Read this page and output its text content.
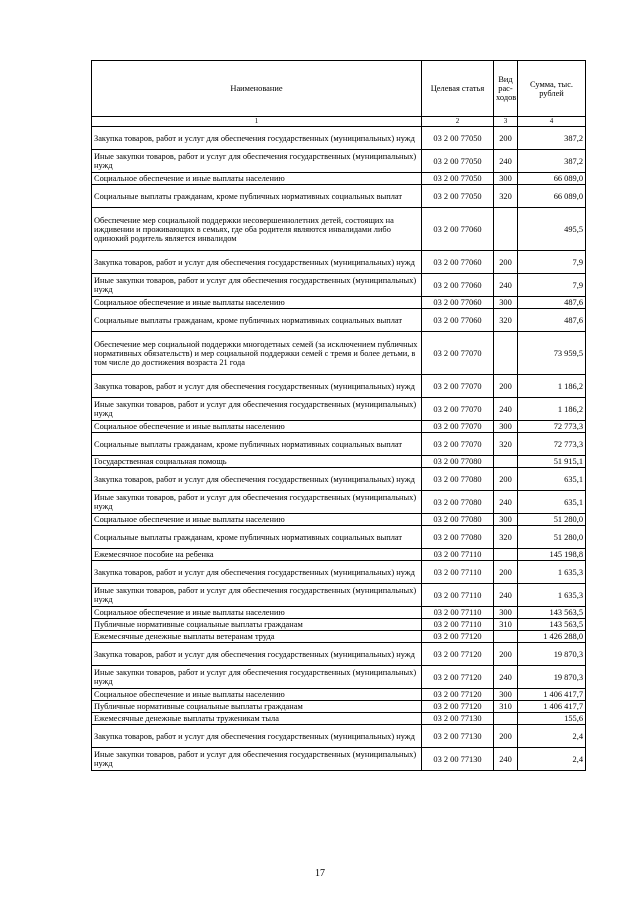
Наименование	Целевая статья	Вид рас-ходов	Сумма, тыс. рублей
1	2	3	4
Закупка товаров, работ и услуг для обеспечения государственных (муниципальных) нужд	03 2 00 77050	200	387,2
Иные закупки товаров, работ и услуг для обеспечения государственных (муниципальных) нужд	03 2 00 77050	240	387,2
Социальное обеспечение и иные выплаты населению	03 2 00 77050	300	66 089,0
Социальные выплаты гражданам, кроме публичных нормативных социальных выплат	03 2 00 77050	320	66 089,0
Обеспечение мер социальной поддержки несовершеннолетних детей, состоящих на иждивении и проживающих в семьях, где оба родителя являются инвалидами либо одинокий родитель является инвалидом	03 2 00 77060		495,5
Закупка товаров, работ и услуг для обеспечения государственных (муниципальных) нужд	03 2 00 77060	200	7,9
Иные закупки товаров, работ и услуг для обеспечения государственных (муниципальных) нужд	03 2 00 77060	240	7,9
Социальное обеспечение и иные выплаты населению	03 2 00 77060	300	487,6
Социальные выплаты гражданам, кроме публичных нормативных социальных выплат	03 2 00 77060	320	487,6
Обеспечение мер социальной поддержки многодетных семей (за исключением публичных нормативных обязательств) и мер социальной поддержки семей с тремя и более детьми, в том числе до достижения возраста 21 года	03 2 00 77070		73 959,5
Закупка товаров, работ и услуг для обеспечения государственных (муниципальных) нужд	03 2 00 77070	200	1 186,2
Иные закупки товаров, работ и услуг для обеспечения государственных (муниципальных) нужд	03 2 00 77070	240	1 186,2
Социальное обеспечение и иные выплаты населению	03 2 00 77070	300	72 773,3
Социальные выплаты гражданам, кроме публичных нормативных социальных выплат	03 2 00 77070	320	72 773,3
Государственная социальная помощь	03 2 00 77080		51 915,1
Закупка товаров, работ и услуг для обеспечения государственных (муниципальных) нужд	03 2 00 77080	200	635,1
Иные закупки товаров, работ и услуг для обеспечения государственных (муниципальных) нужд	03 2 00 77080	240	635,1
Социальное обеспечение и иные выплаты населению	03 2 00 77080	300	51 280,0
Социальные выплаты гражданам, кроме публичных нормативных социальных выплат	03 2 00 77080	320	51 280,0
Ежемесячное пособие на ребенка	03 2 00 77110		145 198,8
Закупка товаров, работ и услуг для обеспечения государственных (муниципальных) нужд	03 2 00 77110	200	1 635,3
Иные закупки товаров, работ и услуг для обеспечения государственных (муниципальных) нужд	03 2 00 77110	240	1 635,3
Социальное обеспечение и иные выплаты населению	03 2 00 77110	300	143 563,5
Публичные нормативные социальные выплаты гражданам	03 2 00 77110	310	143 563,5
Ежемесячные денежные выплаты ветеранам труда	03 2 00 77120		1 426 288,0
Закупка товаров, работ и услуг для обеспечения государственных (муниципальных) нужд	03 2 00 77120	200	19 870,3
Иные закупки товаров, работ и услуг для обеспечения государственных (муниципальных) нужд	03 2 00 77120	240	19 870,3
Социальное обеспечение и иные выплаты населению	03 2 00 77120	300	1 406 417,7
Публичные нормативные социальные выплаты гражданам	03 2 00 77120	310	1 406 417,7
Ежемесячные денежные выплаты труженикам тыла	03 2 00 77130		155,6
Закупка товаров, работ и услуг для обеспечения государственных (муниципальных) нужд	03 2 00 77130	200	2,4
Иные закупки товаров, работ и услуг для обеспечения государственных (муниципальных) нужд	03 2 00 77130	240	2,4
17
